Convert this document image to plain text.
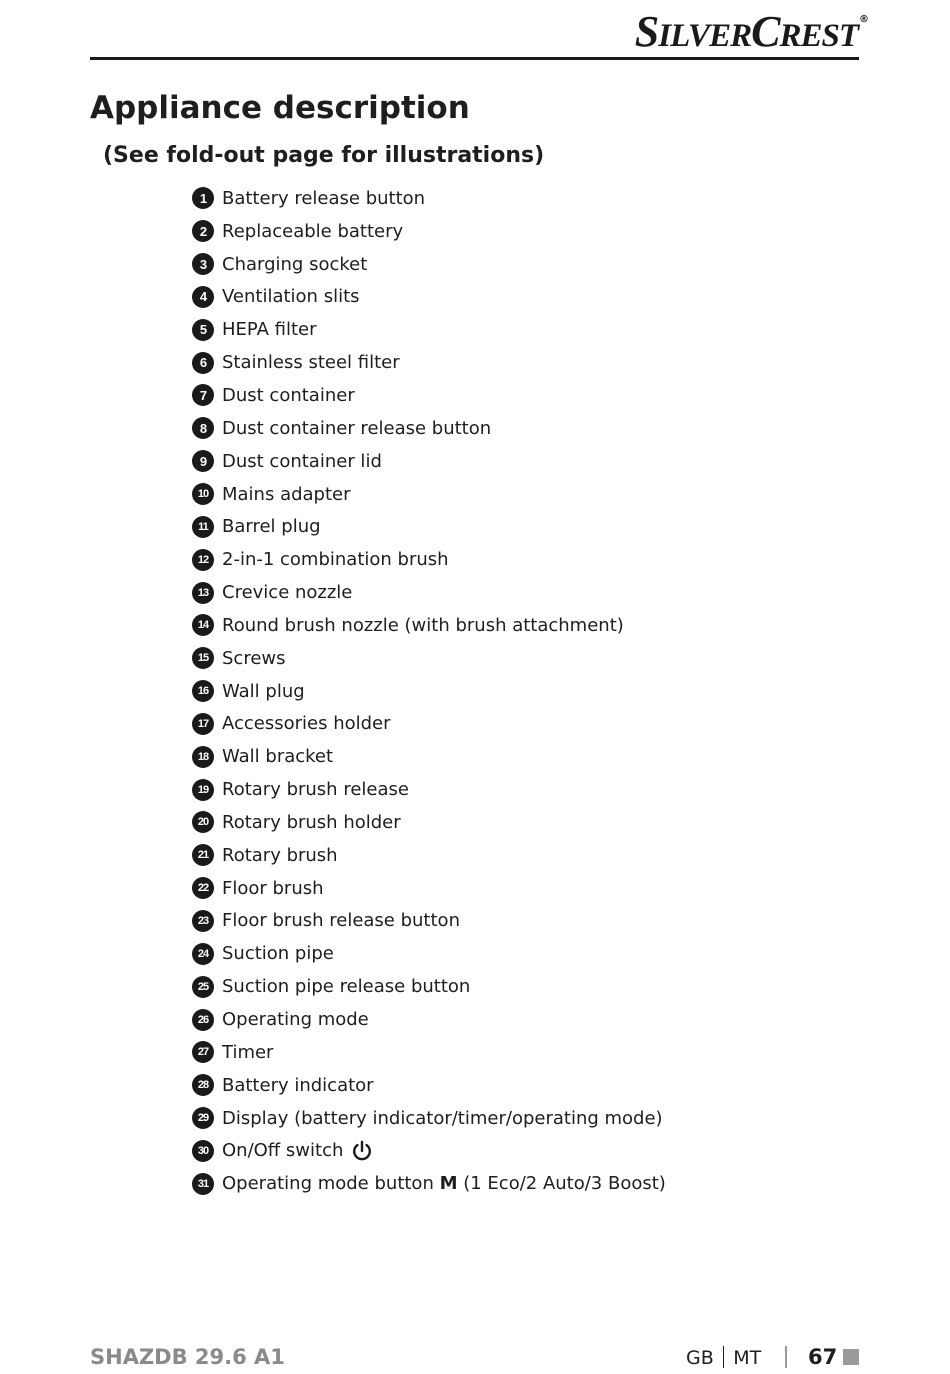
SILVERCREST ®
Appliance description
(See fold-out page for illustrations)
1 Battery release button
2 Replaceable battery
3 Charging socket
4 Ventilation slits
5 HEPA filter
6 Stainless steel filter
7 Dust container
8 Dust container release button
9 Dust container lid
10 Mains adapter
11 Barrel plug
12 2-in-1 combination brush
13 Crevice nozzle
14 Round brush nozzle (with brush attachment)
15 Screws
16 Wall plug
17 Accessories holder
18 Wall bracket
19 Rotary brush release
20 Rotary brush holder
21 Rotary brush
22 Floor brush
23 Floor brush release button
24 Suction pipe
25 Suction pipe release button
26 Operating mode
27 Timer
28 Battery indicator
29 Display (battery indicator/timer/operating mode)
30 On/Off switch
31 Operating mode button M (1 Eco/2 Auto/3 Boost)
SHAZDB 29.6 A1	GB MT 67
